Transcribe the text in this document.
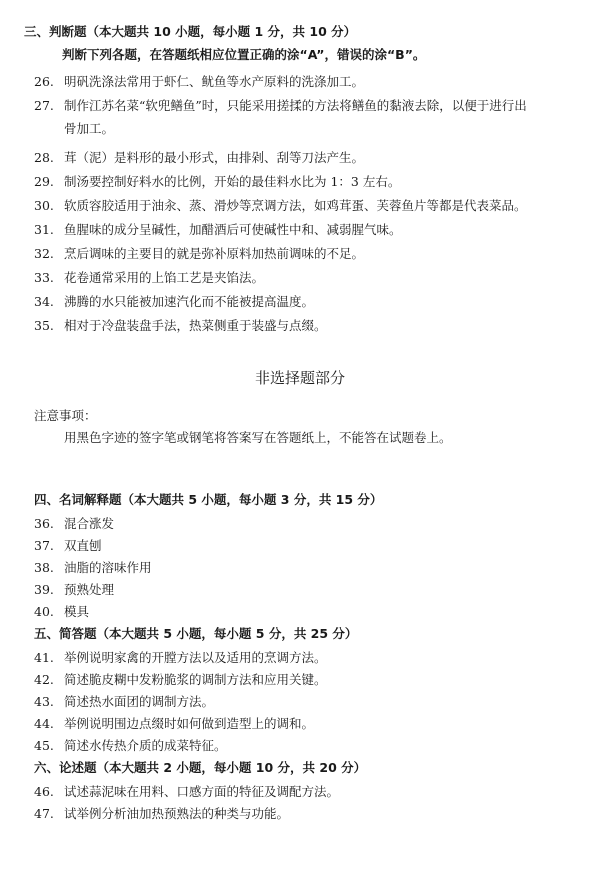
三、判断题（本大题共 10 小题，每小题 1 分，共 10 分）
判断下列各题，在答题纸相应位置正确的涂“A”，错误的涂“B”。
26. 明矾洗涤法常用于虾仁、鱿鱼等水产原料的洗涤加工。
27. 制作江苏名菜“软兜鳝鱼”时，只能采用搓揉的方法将鳝鱼的黏液去除，以便于进行出
骨加工。
28. 茸（泥）是料形的最小形式，由排剁、刮等刀法产生。
29. 制汤要控制好料水的比例，开始的最佳料水比为 1：3 左右。
30. 软质容胶适用于油汆、蒸、滑炒等烹调方法，如鸡茸蛋、芙蓉鱼片等都是代表菜品。
31. 鱼腥味的成分呈碱性，加醋酒后可使碱性中和、减弱腥气味。
32. 烹后调味的主要目的就是弥补原料加热前调味的不足。
33. 花卷通常采用的上馅工艺是夹馅法。
34. 沸腾的水只能被加速汽化而不能被提高温度。
35. 相对于冷盘装盘手法，热菜侧重于装盛与点缀。
非选择题部分
注意事项：
用黑色字迹的签字笔或钢笔将答案写在答题纸上，不能答在试题卷上。
四、名词解释题（本大题共 5 小题，每小题 3 分，共 15 分）
36. 混合涨发
37. 双直刨
38. 油脂的溶味作用
39. 预熟处理
40. 模具
五、简答题（本大题共 5 小题，每小题 5 分，共 25 分）
41. 举例说明家禽的开膛方法以及适用的烹调方法。
42. 简述脆皮糊中发粉脆浆的调制方法和应用关键。
43. 简述热水面团的调制方法。
44. 举例说明围边点缀时如何做到造型上的调和。
45. 简述水传热介质的成菜特征。
六、论述题（本大题共 2 小题，每小题 10 分，共 20 分）
46. 试述蒜泥味在用料、口感方面的特征及调配方法。
47. 试举例分析油加热预熟法的种类与功能。
